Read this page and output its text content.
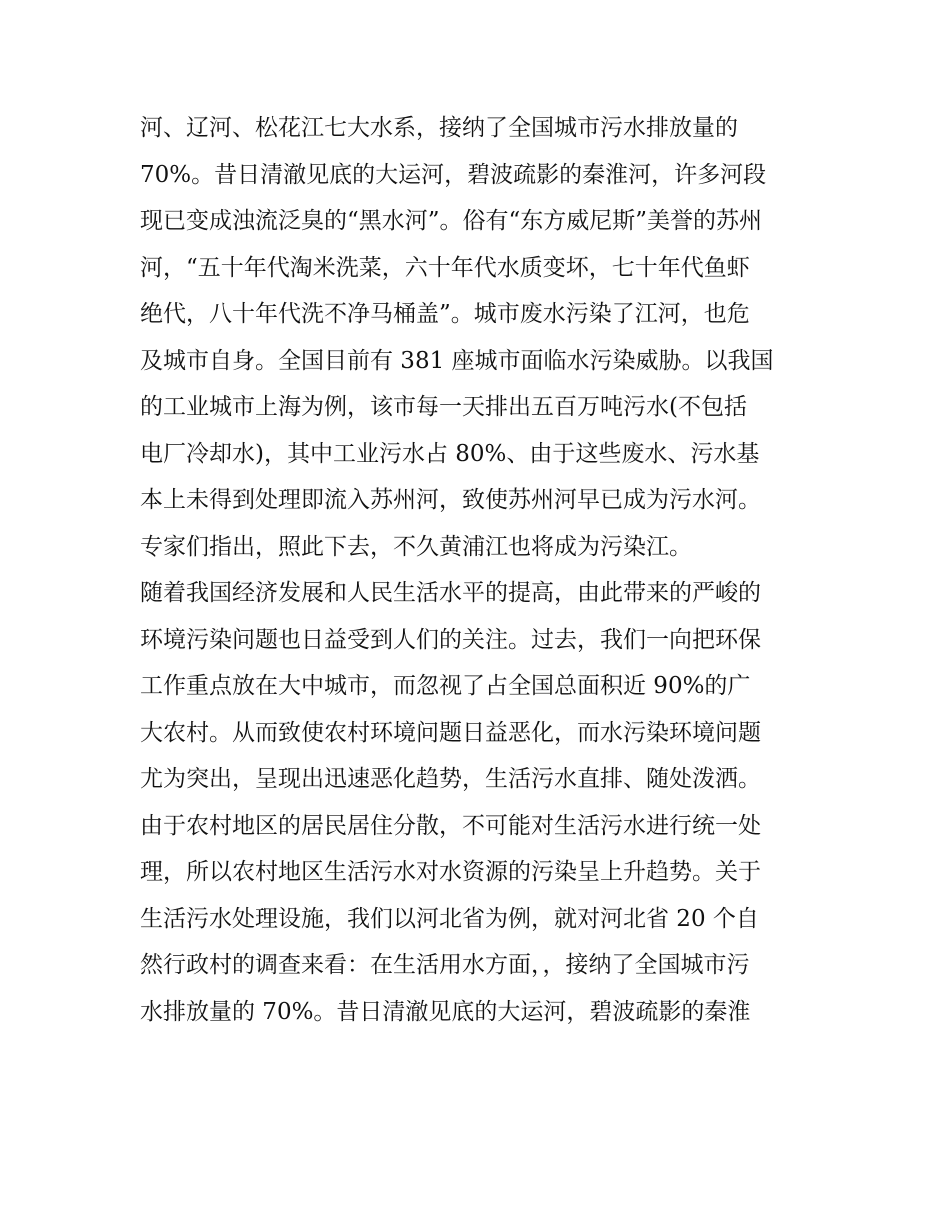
河、辽河、松花江七大水系，接纳了全国城市污水排放量的
70%。昔日清澈见底的大运河，碧波疏影的秦淮河，许多河段
现已变成浊流泛臭的“黑水河”。俗有“东方威尼斯”美誉的苏州
河，“五十年代淘米洗菜，六十年代水质变坏，七十年代鱼虾
绝代，八十年代洗不净马桶盖”。城市废水污染了江河，也危
及城市自身。全国目前有 381 座城市面临水污染威胁。以我国
的工业城市上海为例，该市每一天排出五百万吨污水(不包括
电厂冷却水)，其中工业污水占 80%、由于这些废水、污水基
本上未得到处理即流入苏州河，致使苏州河早已成为污水河。
专家们指出，照此下去，不久黄浦江也将成为污染江。
随着我国经济发展和人民生活水平的提高，由此带来的严峻的
环境污染问题也日益受到人们的关注。过去，我们一向把环保
工作重点放在大中城市，而忽视了占全国总面积近 90%的广
大农村。从而致使农村环境问题日益恶化，而水污染环境问题
尤为突出，呈现出迅速恶化趋势，生活污水直排、随处泼洒。
由于农村地区的居民居住分散，不可能对生活污水进行统一处
理，所以农村地区生活污水对水资源的污染呈上升趋势。关于
生活污水处理设施，我们以河北省为例，就对河北省 20 个自
然行政村的调查来看：在生活用水方面，，接纳了全国城市污
水排放量的 70%。昔日清澈见底的大运河，碧波疏影的秦淮
